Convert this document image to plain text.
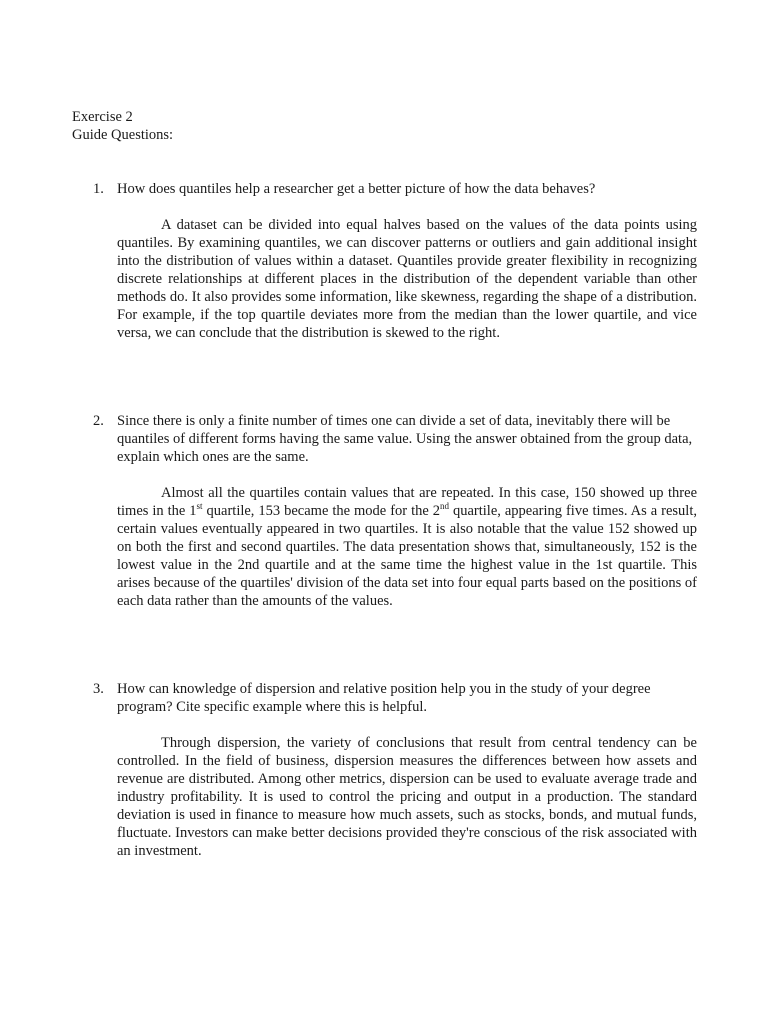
Exercise 2
Guide Questions:
1. How does quantiles help a researcher get a better picture of how the data behaves?

A dataset can be divided into equal halves based on the values of the data points using quantiles. By examining quantiles, we can discover patterns or outliers and gain additional insight into the distribution of values within a dataset. Quantiles provide greater flexibility in recognizing discrete relationships at different places in the distribution of the dependent variable than other methods do. It also provides some information, like skewness, regarding the shape of a distribution. For example, if the top quartile deviates more from the median than the lower quartile, and vice versa, we can conclude that the distribution is skewed to the right.

2. Since there is only a finite number of times one can divide a set of data, inevitably there will be quantiles of different forms having the same value. Using the answer obtained from the group data, explain which ones are the same.

Almost all the quartiles contain values that are repeated. In this case, 150 showed up three times in the 1st quartile, 153 became the mode for the 2nd quartile, appearing five times. As a result, certain values eventually appeared in two quartiles. It is also notable that the value 152 showed up on both the first and second quartiles. The data presentation shows that, simultaneously, 152 is the lowest value in the 2nd quartile and at the same time the highest value in the 1st quartile. This arises because of the quartiles' division of the data set into four equal parts based on the positions of each data rather than the amounts of the values.

3. How can knowledge of dispersion and relative position help you in the study of your degree program? Cite specific example where this is helpful.

Through dispersion, the variety of conclusions that result from central tendency can be controlled. In the field of business, dispersion measures the differences between how assets and revenue are distributed. Among other metrics, dispersion can be used to evaluate average trade and industry profitability. It is used to control the pricing and output in a production. The standard deviation is used in finance to measure how much assets, such as stocks, bonds, and mutual funds, fluctuate. Investors can make better decisions provided they're conscious of the risk associated with an investment.
